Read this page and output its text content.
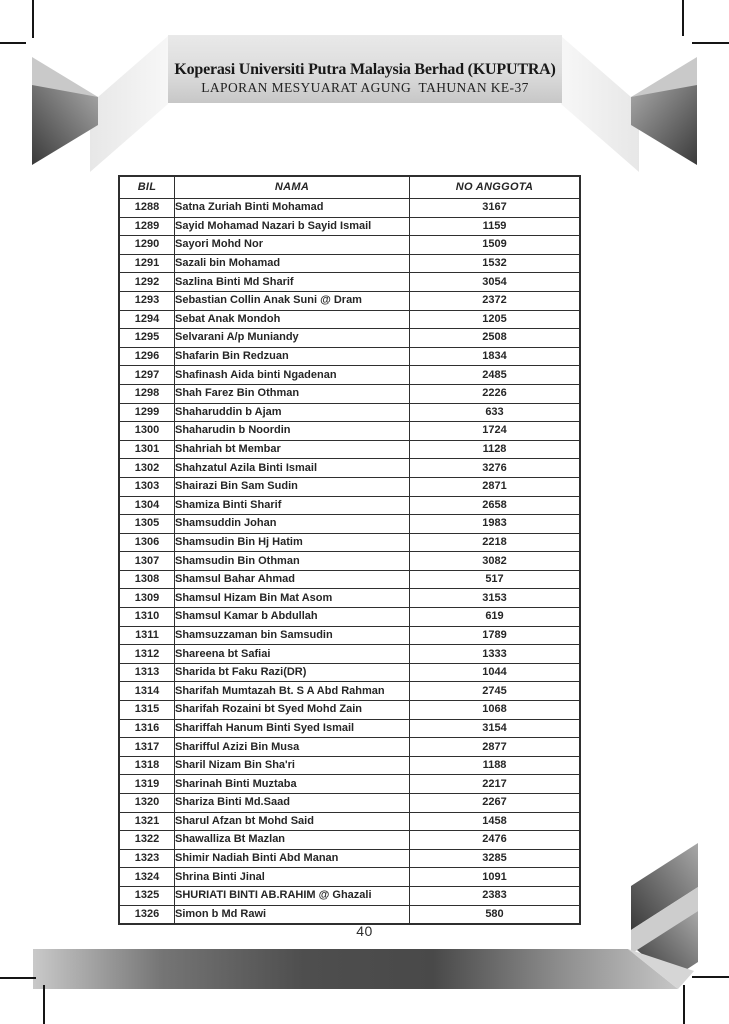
Koperasi Universiti Putra Malaysia Berhad (KUPUTRA)
LAPORAN MESYUARAT AGUNG  TAHUNAN KE-37
BIL	NAMA	NO ANGGOTA
1288	Satna Zuriah Binti Mohamad	3167
1289	Sayid Mohamad Nazari b Sayid Ismail	1159
1290	Sayori Mohd Nor	1509
1291	Sazali bin Mohamad	1532
1292	Sazlina Binti Md Sharif	3054
1293	Sebastian Collin Anak Suni @ Dram	2372
1294	Sebat Anak Mondoh	1205
1295	Selvarani A/p Muniandy	2508
1296	Shafarin Bin Redzuan	1834
1297	Shafinash Aida binti Ngadenan	2485
1298	Shah Farez Bin Othman	2226
1299	Shaharuddin b Ajam	633
1300	Shaharudin b Noordin	1724
1301	Shahriah bt Membar	1128
1302	Shahzatul Azila Binti Ismail	3276
1303	Shairazi Bin Sam Sudin	2871
1304	Shamiza Binti Sharif	2658
1305	Shamsuddin Johan	1983
1306	Shamsudin Bin Hj Hatim	2218
1307	Shamsudin Bin Othman	3082
1308	Shamsul Bahar Ahmad	517
1309	Shamsul Hizam Bin Mat Asom	3153
1310	Shamsul Kamar b Abdullah	619
1311	Shamsuzzaman bin Samsudin	1789
1312	Shareena bt Safiai	1333
1313	Sharida bt Faku Razi(DR)	1044
1314	Sharifah Mumtazah Bt. S A Abd Rahman	2745
1315	Sharifah Rozaini bt Syed Mohd Zain	1068
1316	Shariffah Hanum Binti Syed Ismail	3154
1317	Sharifful Azizi Bin Musa	2877
1318	Sharil Nizam Bin Sha'ri	1188
1319	Sharinah Binti Muztaba	2217
1320	Shariza Binti Md.Saad	2267
1321	Sharul Afzan bt Mohd Said	1458
1322	Shawalliza Bt Mazlan	2476
1323	Shimir Nadiah Binti Abd Manan	3285
1324	Shrina Binti Jinal	1091
1325	SHURIATI BINTI AB.RAHIM @ Ghazali	2383
1326	Simon b Md Rawi	580
40
